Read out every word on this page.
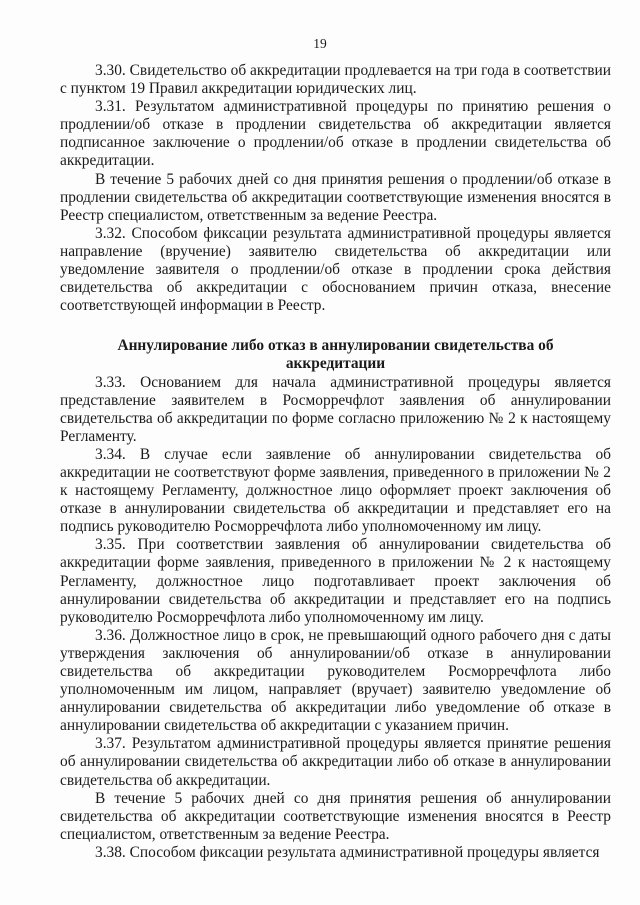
19

3.30. Свидетельство об аккредитации продлевается на три года в соответствии с пунктом 19 Правил аккредитации юридических лиц.

3.31. Результатом административной процедуры по принятию решения о продлении/об отказе в продлении свидетельства об аккредитации является подписанное заключение о продлении/об отказе в продлении свидетельства об аккредитации.

В течение 5 рабочих дней со дня принятия решения о продлении/об отказе в продлении свидетельства об аккредитации соответствующие изменения вносятся в Реестр специалистом, ответственным за ведение Реестра.

3.32. Способом фиксации результата административной процедуры является направление (вручение) заявителю свидетельства об аккредитации или уведомление заявителя о продлении/об отказе в продлении срока действия свидетельства об аккредитации с обоснованием причин отказа, внесение соответствующей информации в Реестр.

Аннулирование либо отказ в аннулировании свидетельства об аккредитации

3.33. Основанием для начала административной процедуры является представление заявителем в Росморречфлот заявления об аннулировании свидетельства об аккредитации по форме согласно приложению № 2 к настоящему Регламенту.

3.34. В случае если заявление об аннулировании свидетельства об аккредитации не соответствуют форме заявления, приведенного в приложении № 2 к настоящему Регламенту, должностное лицо оформляет проект заключения об отказе в аннулировании свидетельства об аккредитации и представляет его на подпись руководителю Росморречфлота либо уполномоченному им лицу.

3.35. При соответствии заявления об аннулировании свидетельства об аккредитации форме заявления, приведенного в приложении № 2 к настоящему Регламенту, должностное лицо подготавливает проект заключения об аннулировании свидетельства об аккредитации и представляет его на подпись руководителю Росморречфлота либо уполномоченному им лицу.

3.36. Должностное лицо в срок, не превышающий одного рабочего дня с даты утверждения заключения об аннулировании/об отказе в аннулировании свидетельства об аккредитации руководителем Росморречфлота либо уполномоченным им лицом, направляет (вручает) заявителю уведомление об аннулировании свидетельства об аккредитации либо уведомление об отказе в аннулировании свидетельства об аккредитации с указанием причин.

3.37. Результатом административной процедуры является принятие решения об аннулировании свидетельства об аккредитации либо об отказе в аннулировании свидетельства об аккредитации.

В течение 5 рабочих дней со дня принятия решения об аннулировании свидетельства об аккредитации соответствующие изменения вносятся в Реестр специалистом, ответственным за ведение Реестра.

3.38. Способом фиксации результата административной процедуры является
